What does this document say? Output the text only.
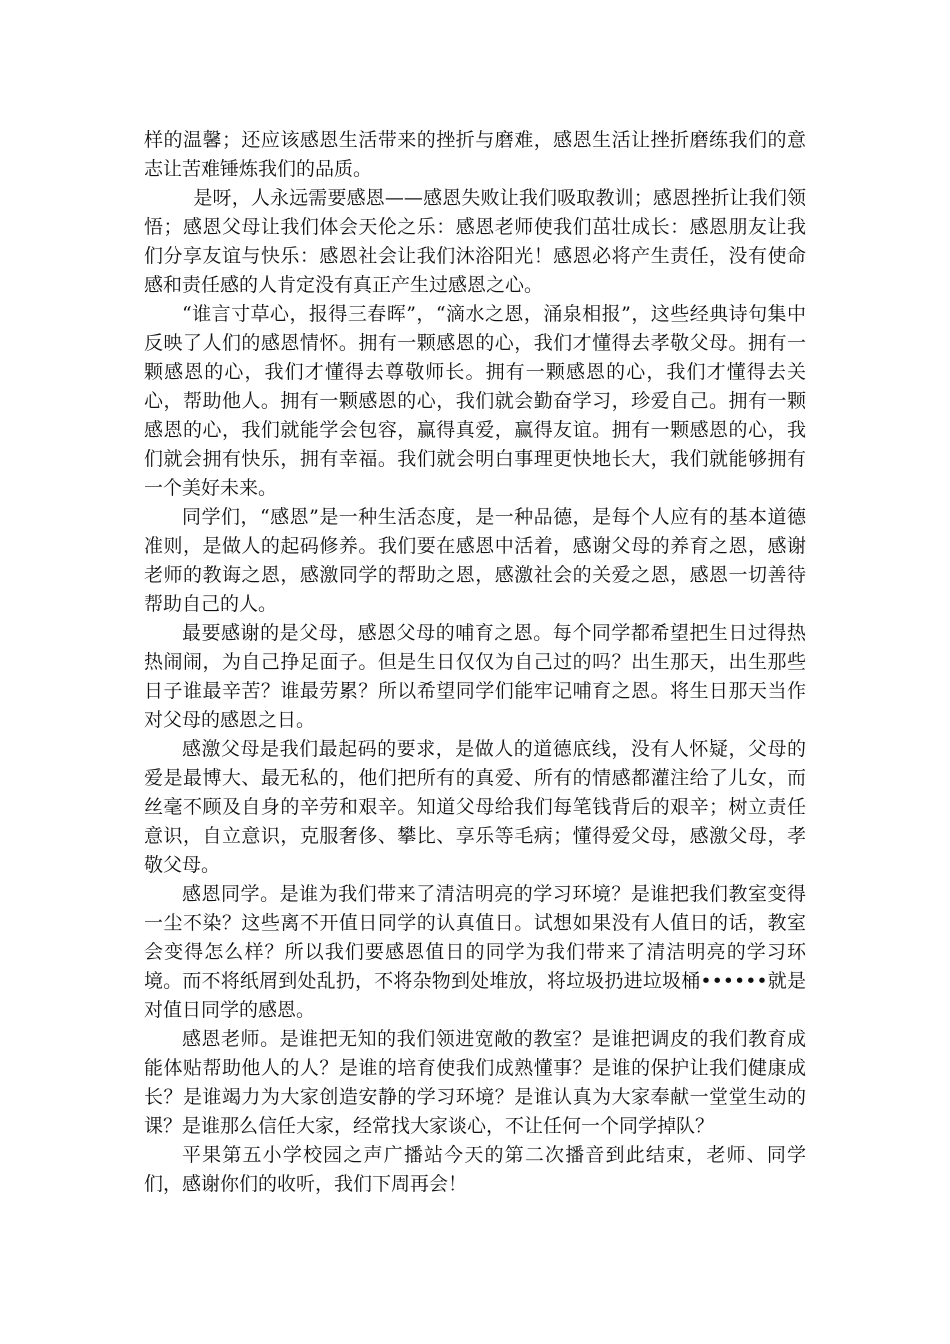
样的温馨；还应该感恩生活带来的挫折与磨难，感恩生活让挫折磨练我们的意志让苦难锤炼我们的品质。

是呀，人永远需要感恩——感恩失败让我们吸取教训；感恩挫折让我们领悟；感恩父母让我们体会天伦之乐：感恩老师使我们茁壮成长：感恩朋友让我们分享友谊与快乐：感恩社会让我们沐浴阳光！感恩必将产生责任，没有使命感和责任感的人肯定没有真正产生过感恩之心。

“谁言寸草心，报得三春晖”，“滴水之恩，涌泉相报”，这些经典诗句集中反映了人们的感恩情怀。拥有一颗感恩的心，我们才懂得去孝敬父母。拥有一颗感恩的心，我们才懂得去尊敬师长。拥有一颗感恩的心，我们才懂得去关心，帮助他人。拥有一颗感恩的心，我们就会勤奋学习，珍爱自己。拥有一颗感恩的心，我们就能学会包容，赢得真爱，赢得友谊。拥有一颗感恩的心，我们就会拥有快乐，拥有幸福。我们就会明白事理更快地长大，我们就能够拥有一个美好未来。

同学们，“感恩”是一种生活态度，是一种品德，是每个人应有的基本道德准则，是做人的起码修养。我们要在感恩中活着，感谢父母的养育之恩，感谢老师的教诲之恩，感激同学的帮助之恩，感激社会的关爱之恩，感恩一切善待帮助自己的人。

最要感谢的是父母，感恩父母的哺育之恩。每个同学都希望把生日过得热热闹闹，为自己挣足面子。但是生日仅仅为自己过的吗？出生那天，出生那些日子谁最辛苦？谁最劳累？所以希望同学们能牢记哺育之恩。将生日那天当作对父母的感恩之日。

感激父母是我们最起码的要求，是做人的道德底线，没有人怀疑，父母的爱是最博大、最无私的，他们把所有的真爱、所有的情感都灌注给了儿女，而丝毫不顾及自身的辛劳和艰辛。知道父母给我们每笔钱背后的艰辛；树立责任意识，自立意识，克服奢侈、攀比、享乐等毛病；懂得爱父母，感激父母，孝敬父母。

感恩同学。是谁为我们带来了清洁明亮的学习环境？是谁把我们教室变得一尘不染？这些离不开值日同学的认真值日。试想如果没有人值日的话，教室会变得怎么样？所以我们要感恩值日的同学为我们带来了清洁明亮的学习环境。而不将纸屑到处乱扔，不将杂物到处堆放，将垃圾扔进垃圾桶••••••就是对值日同学的感恩。

感恩老师。是谁把无知的我们领进宽敞的教室？是谁把调皮的我们教育成能体贴帮助他人的人？是谁的培育使我们成熟懂事？是谁的保护让我们健康成长？是谁竭力为大家创造安静的学习环境？是谁认真为大家奉献一堂堂生动的课？是谁那么信任大家，经常找大家谈心，不让任何一个同学掉队？

平果第五小学校园之声广播站今天的第二次播音到此结束，老师、同学们，感谢你们的收听，我们下周再会！
